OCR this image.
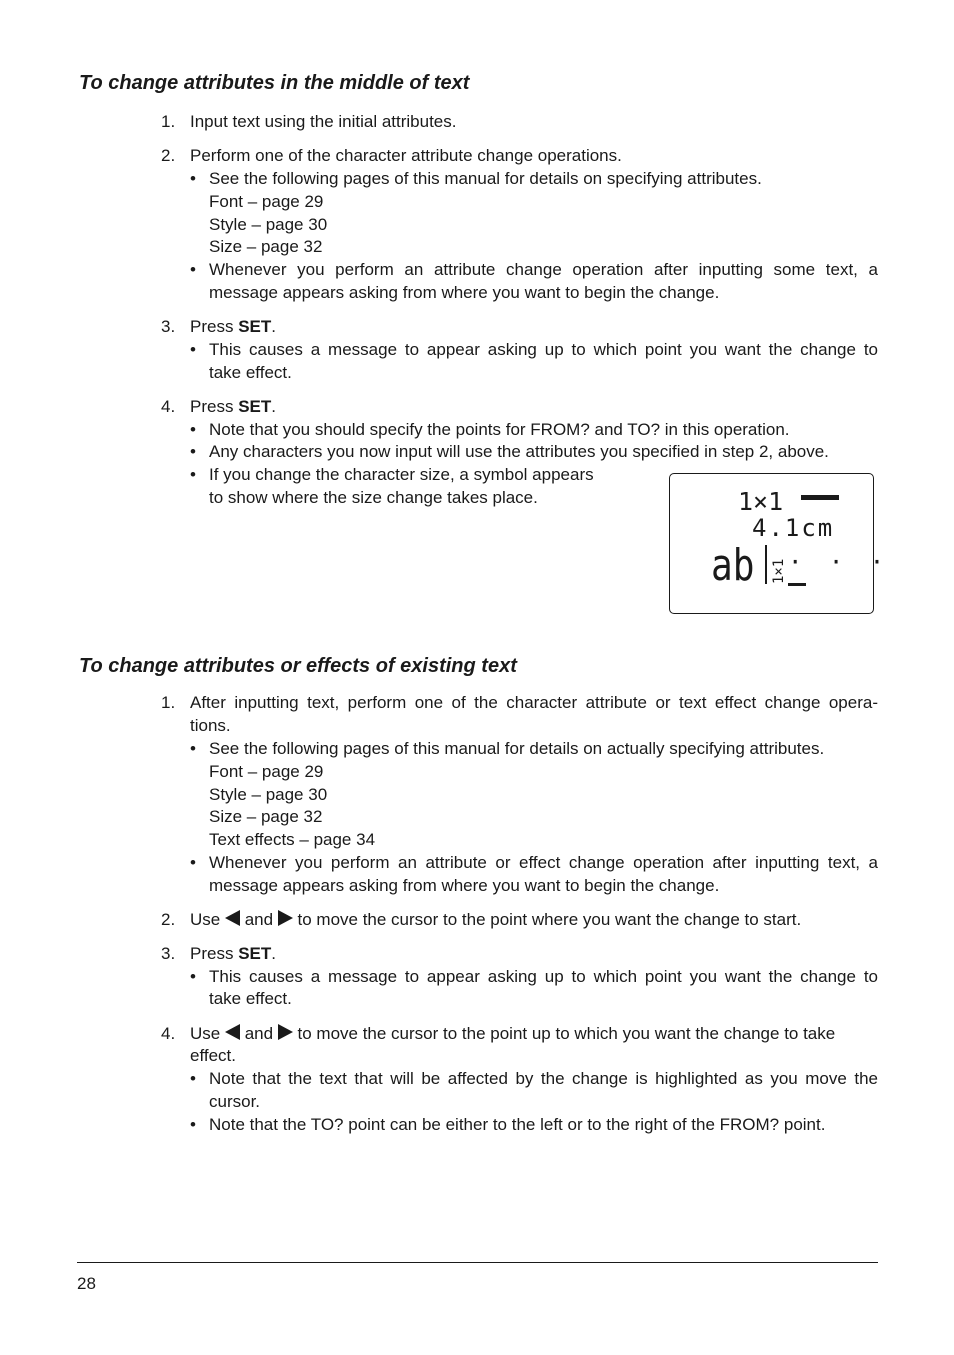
To change attributes in the middle of text
1. Input text using the initial attributes.
2. Perform one of the character attribute change operations.
• See the following pages of this manual for details on specifying attributes.
Font – page 29
Style – page 30
Size – page 32
• Whenever you perform an attribute change operation after inputting some text, a
message appears asking from where you want to begin the change.
3. Press SET.
• This causes a message to appear asking up to which point you want the change to
take effect.
4. Press SET.
• Note that you should specify the points for FROM? and TO? in this operation.
• Any characters you now input will use the attributes you specified in step 2, above.
• If you change the character size, a symbol appears
to show where the size change takes place.	1×1
4.1cm
ab 1×1 · · ·
To change attributes or effects of existing text
1. After inputting text, perform one of the character attribute or text effect change opera-
tions.
• See the following pages of this manual for details on actually specifying attributes.
Font – page 29
Style – page 30
Size – page 32
Text effects – page 34
• Whenever you perform an attribute or effect change operation after inputting text, a
message appears asking from where you want to begin the change.
2. Use
and
to move the cursor to the point where you want the change to start.
3. Press SET.
• This causes a message to appear asking up to which point you want the change to
take effect.
4. Use
and
to move the cursor to the point up to which you want the change to take
effect.
• Note that the text that will be affected by the change is highlighted as you move the
cursor.
• Note that the TO? point can be either to the left or to the right of the FROM? point.
28
